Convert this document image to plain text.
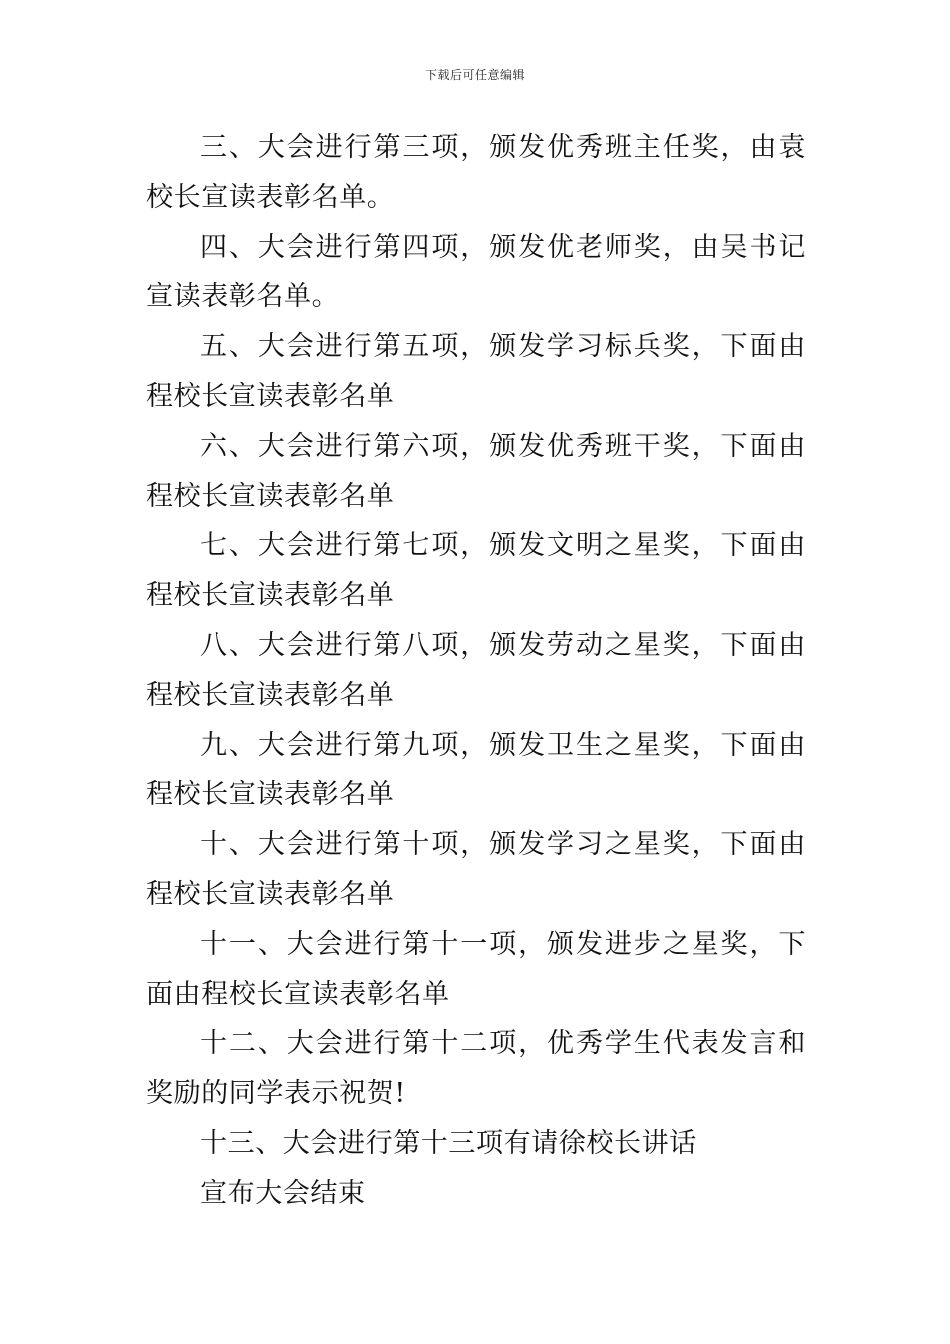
下载后可任意编辑

三、大会进行第三项，颁发优秀班主任奖，由袁校长宣读表彰名单。

四、大会进行第四项，颁发优老师奖，由吴书记宣读表彰名单。

五、大会进行第五项，颁发学习标兵奖，下面由程校长宣读表彰名单

六、大会进行第六项，颁发优秀班干奖，下面由程校长宣读表彰名单

七、大会进行第七项，颁发文明之星奖，下面由程校长宣读表彰名单

八、大会进行第八项，颁发劳动之星奖，下面由程校长宣读表彰名单

九、大会进行第九项，颁发卫生之星奖，下面由程校长宣读表彰名单

十、大会进行第十项，颁发学习之星奖，下面由程校长宣读表彰名单

十一、大会进行第十一项，颁发进步之星奖，下面由程校长宣读表彰名单

十二、大会进行第十二项，优秀学生代表发言和奖励的同学表示祝贺!

十三、大会进行第十三项有请徐校长讲话

宣布大会结束
